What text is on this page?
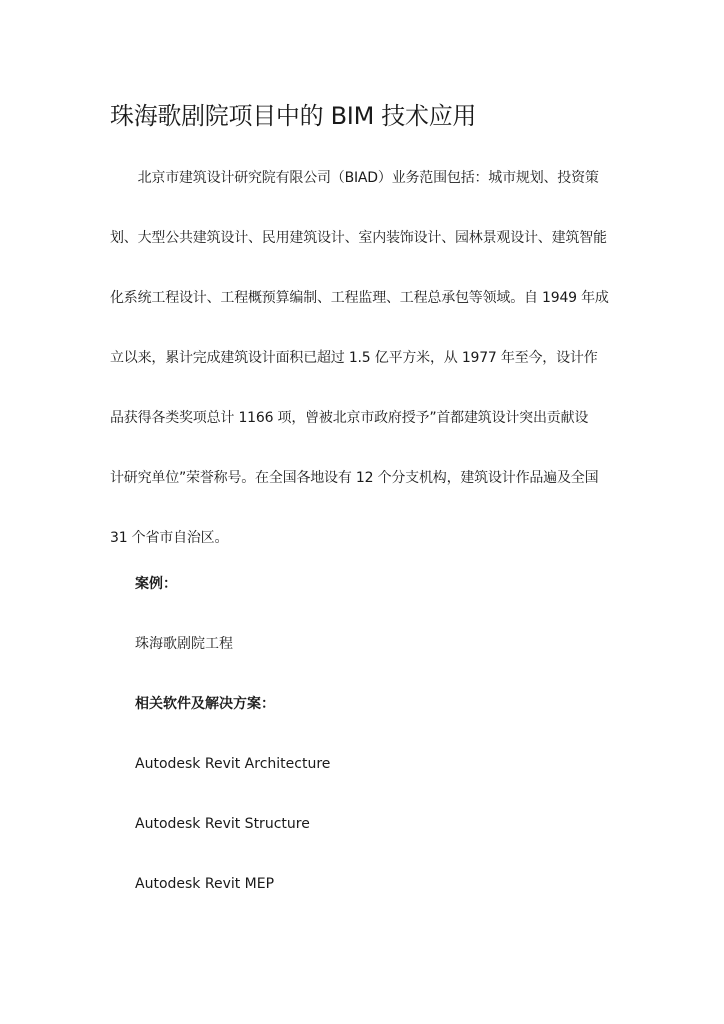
珠海歌剧院项目中的 BIM 技术应用
　　北京市建筑设计研究院有限公司（BIAD）业务范围包括：城市规划、投资策
划、大型公共建筑设计、民用建筑设计、室内装饰设计、园林景观设计、建筑智能
化系统工程设计、工程概预算编制、工程监理、工程总承包等领域。自 1949 年成
立以来，累计完成建筑设计面积已超过 1.5 亿平方米，从 1977 年至今，设计作
品获得各类奖项总计 1166 项，曾被北京市政府授予”首都建筑设计突出贡献设
计研究单位”荣誉称号。在全国各地设有 12 个分支机构，建筑设计作品遍及全国
31 个省市自治区。
案例：
珠海歌剧院工程
相关软件及解决方案：
Autodesk Revit Architecture
Autodesk Revit Structure
Autodesk Revit MEP
